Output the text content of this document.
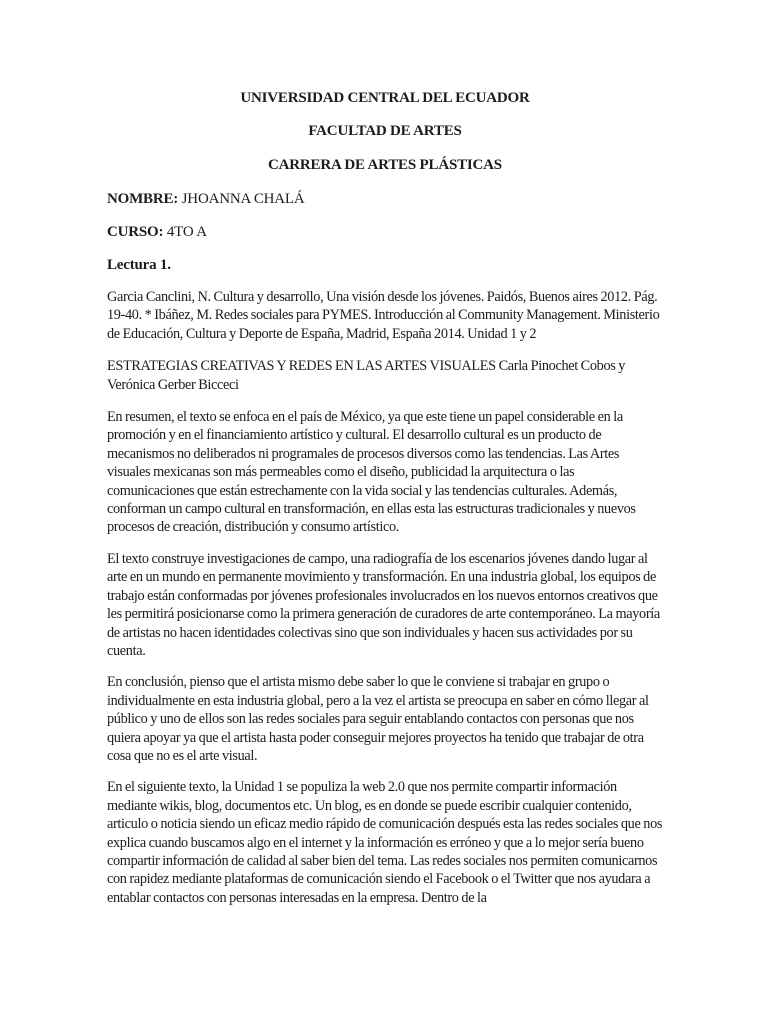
UNIVERSIDAD CENTRAL DEL ECUADOR
FACULTAD DE ARTES
CARRERA DE ARTES PLÁSTICAS
NOMBRE: JHOANNA CHALÁ
CURSO: 4TO A
Lectura 1.

Garcia Canclini, N. Cultura y desarrollo, Una visión desde los jóvenes. Paidós, Buenos aires 2012. Pág. 19-40. * Ibáñez, M. Redes sociales para PYMES. Introducción al Community Management. Ministerio de Educación, Cultura y Deporte de España, Madrid, España 2014. Unidad 1 y 2

ESTRATEGIAS CREATIVAS Y REDES EN LAS ARTES VISUALES Carla Pinochet Cobos y Verónica Gerber Bicceci

En resumen, el texto se enfoca en el país de México, ya que este tiene un papel considerable en la promoción y en el financiamiento artístico y cultural. El desarrollo cultural es un producto de mecanismos no deliberados ni programales de procesos diversos como las tendencias. Las Artes visuales mexicanas son más permeables como el diseño, publicidad la arquitectura o las comunicaciones que están estrechamente con la vida social y las tendencias culturales. Además, conforman un campo cultural en transformación, en ellas esta las estructuras tradicionales y nuevos procesos de creación, distribución y consumo artístico.

El texto construye investigaciones de campo, una radiografía de los escenarios jóvenes dando lugar al arte en un mundo en permanente movimiento y transformación. En una industria global, los equipos de trabajo están conformadas por jóvenes profesionales involucrados en los nuevos entornos creativos que les permitirá posicionarse como la primera generación de curadores de arte contemporáneo. La mayoría de artistas no hacen identidades colectivas sino que son individuales y hacen sus actividades por su cuenta.

En conclusión, pienso que el artista mismo debe saber lo que le conviene si trabajar en grupo o individualmente en esta industria global, pero a la vez el artista se preocupa en saber en cómo llegar al público y uno de ellos son las redes sociales para seguir entablando contactos con personas que nos quiera apoyar ya que el artista hasta poder conseguir mejores proyectos ha tenido que trabajar de otra cosa que no es el arte visual.

En el siguiente texto, la Unidad 1 se populiza la web 2.0 que nos permite compartir información mediante wikis, blog, documentos etc. Un blog, es en donde se puede escribir cualquier contenido, articulo o noticia siendo un eficaz medio rápido de comunicación después esta las redes sociales que nos explica cuando buscamos algo en el internet y la información es erróneo y que a lo mejor sería bueno compartir información de calidad al saber bien del tema. Las redes sociales nos permiten comunicarnos con rapidez mediante plataformas de comunicación siendo el Facebook o el Twitter que nos ayudara a entablar contactos con personas interesadas en la empresa. Dentro de la
